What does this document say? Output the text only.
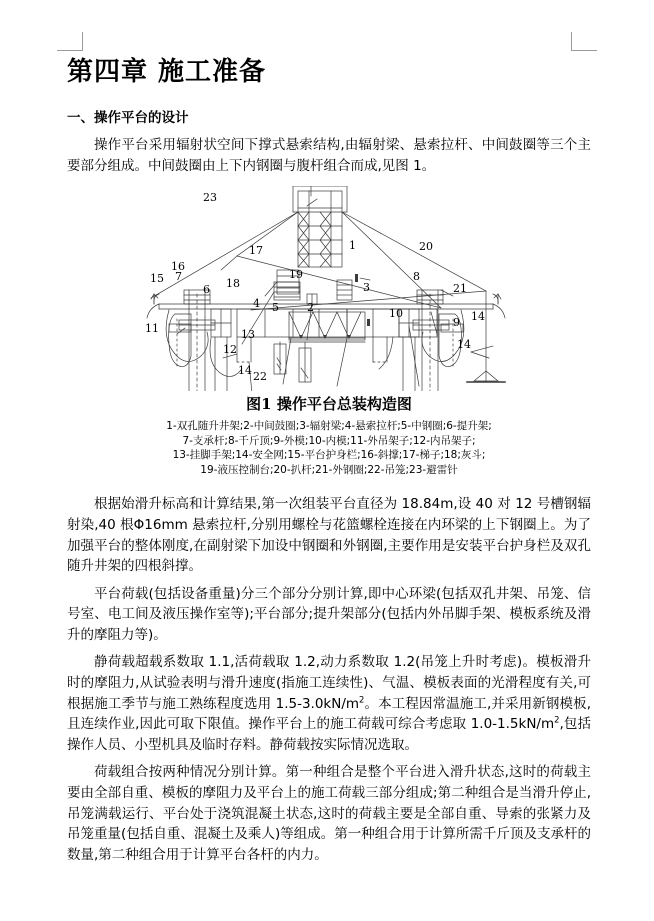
第四章 施工准备
一、操作平台的设计

操作平台采用辐射状空间下撑式悬索结构,由辐射梁、悬索拉杆、中间鼓圈等三个主要部分组成。中间鼓圈由上下内钢圈与腹杆组合而成,见图 1。

23
16
17	1	20
15 7
18
19	8
3	21
6
4 5	2	10	14
11	9
13
12	14
14 22
图1 操作平台总装构造图
1-双孔随升井架;2-中间鼓圈;3-辐射梁;4-悬索拉杆;5-中钢圈;6-提升架;
7-支承杆;8-千斤顶;9-外模;10-内模;11-外吊架子;12-内吊架子;
13-挂脚手架;14-安全网;15-平台护身栏;16-斜撑;17-梯子;18;灰斗;
19-液压控制台;20-扒杆;21-外钢圈;22-吊笼;23-避雷针

根据始滑升标高和计算结果,第一次组装平台直径为 18.84m,设 40 对 12 号槽钢辐射染,40 根Φ16mm 悬索拉杆,分别用螺栓与花篮螺栓连接在内环梁的上下钢圈上。为了加强平台的整体刚度,在副射梁下加设中钢圈和外钢圈,主要作用是安装平台护身栏及双孔随升井架的四根斜撑。

平台荷载(包括设备重量)分三个部分分别计算,即中心环梁(包括双孔井架、吊笼、信号室、电工间及液压操作室等);平台部分;提升架部分(包括内外吊脚手架、模板系统及滑升的摩阻力等)。

静荷载超载系数取 1.1,活荷载取 1.2,动力系数取 1.2(吊笼上升时考虑)。模板滑升时的摩阻力,从试验表明与滑升速度(指施工连续性)、气温、模板表面的光滑程度有关,可根据施工季节与施工熟练程度选用 $1.5-3.0kN/m^2$。本工程因常温施工,并采用新钢模板,且连续作业,因此可取下限值。操作平台上的施工荷载可综合考虑取 $1.0-1.5kN/m^2$,包括操作人员、小型机具及临时存料。静荷载按实际情况选取。

荷载组合按两种情况分别计算。第一种组合是整个平台进入滑升状态,这时的荷载主要由全部自重、模板的摩阻力及平台上的施工荷载三部分组成;第二种组合是当滑升停止,吊笼满载运行、平台处于浇筑混凝土状态,这时的荷载主要是全部自重、导索的张紧力及吊笼重量(包括自重、混凝土及乘人)等组成。第一种组合用于计算所需千斤顶及支承杆的数量,第二种组合用于计算平台各杆的内力。
